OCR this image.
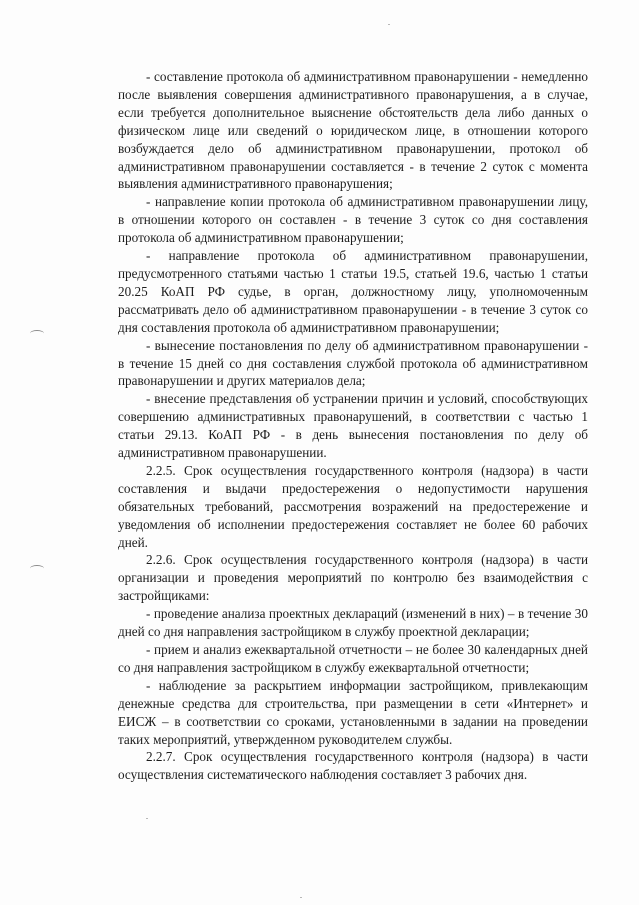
- составление протокола об административном правонарушении - немедленно после выявления совершения административного правонарушения, а в случае, если требуется дополнительное выяснение обстоятельств дела либо данных о физическом лице или сведений о юридическом лице, в отношении которого возбуждается дело об административном правонарушении, протокол об административном правонарушении составляется - в течение 2 суток с момента выявления административного правонарушения;

- направление копии протокола об административном правонарушении лицу, в отношении которого он составлен - в течение 3 суток со дня составления протокола об административном правонарушении;

- направление протокола об административном правонарушении, предусмотренного статьями частью 1 статьи 19.5, статьей 19.6, частью 1 статьи 20.25 КоАП РФ судье, в орган, должностному лицу, уполномоченным рассматривать дело об административном правонарушении - в течение 3 суток со дня составления протокола об административном правонарушении;

- вынесение постановления по делу об административном правонарушении - в течение 15 дней со дня составления службой протокола об административном правонарушении и других материалов дела;

- внесение представления об устранении причин и условий, способствующих совершению административных правонарушений, в соответствии с частью 1 статьи 29.13. КоАП РФ - в день вынесения постановления по делу об административном правонарушении.

2.2.5. Срок осуществления государственного контроля (надзора) в части составления и выдачи предостережения о недопустимости нарушения обязательных требований, рассмотрения возражений на предостережение и уведомления об исполнении предостережения составляет не более 60 рабочих дней.

2.2.6. Срок осуществления государственного контроля (надзора) в части организации и проведения мероприятий по контролю без взаимодействия с застройщиками:

- проведение анализа проектных деклараций (изменений в них) – в течение 30 дней со дня направления застройщиком в службу проектной декларации;

- прием и анализ ежеквартальной отчетности – не более 30 календарных дней со дня направления застройщиком в службу ежеквартальной отчетности;

- наблюдение за раскрытием информации застройщиком, привлекающим денежные средства для строительства, при размещении в сети «Интернет» и ЕИСЖ – в соответствии со сроками, установленными в задании на проведении таких мероприятий, утвержденном руководителем службы.

2.2.7. Срок осуществления государственного контроля (надзора) в части осуществления систематического наблюдения составляет 3 рабочих дня.
